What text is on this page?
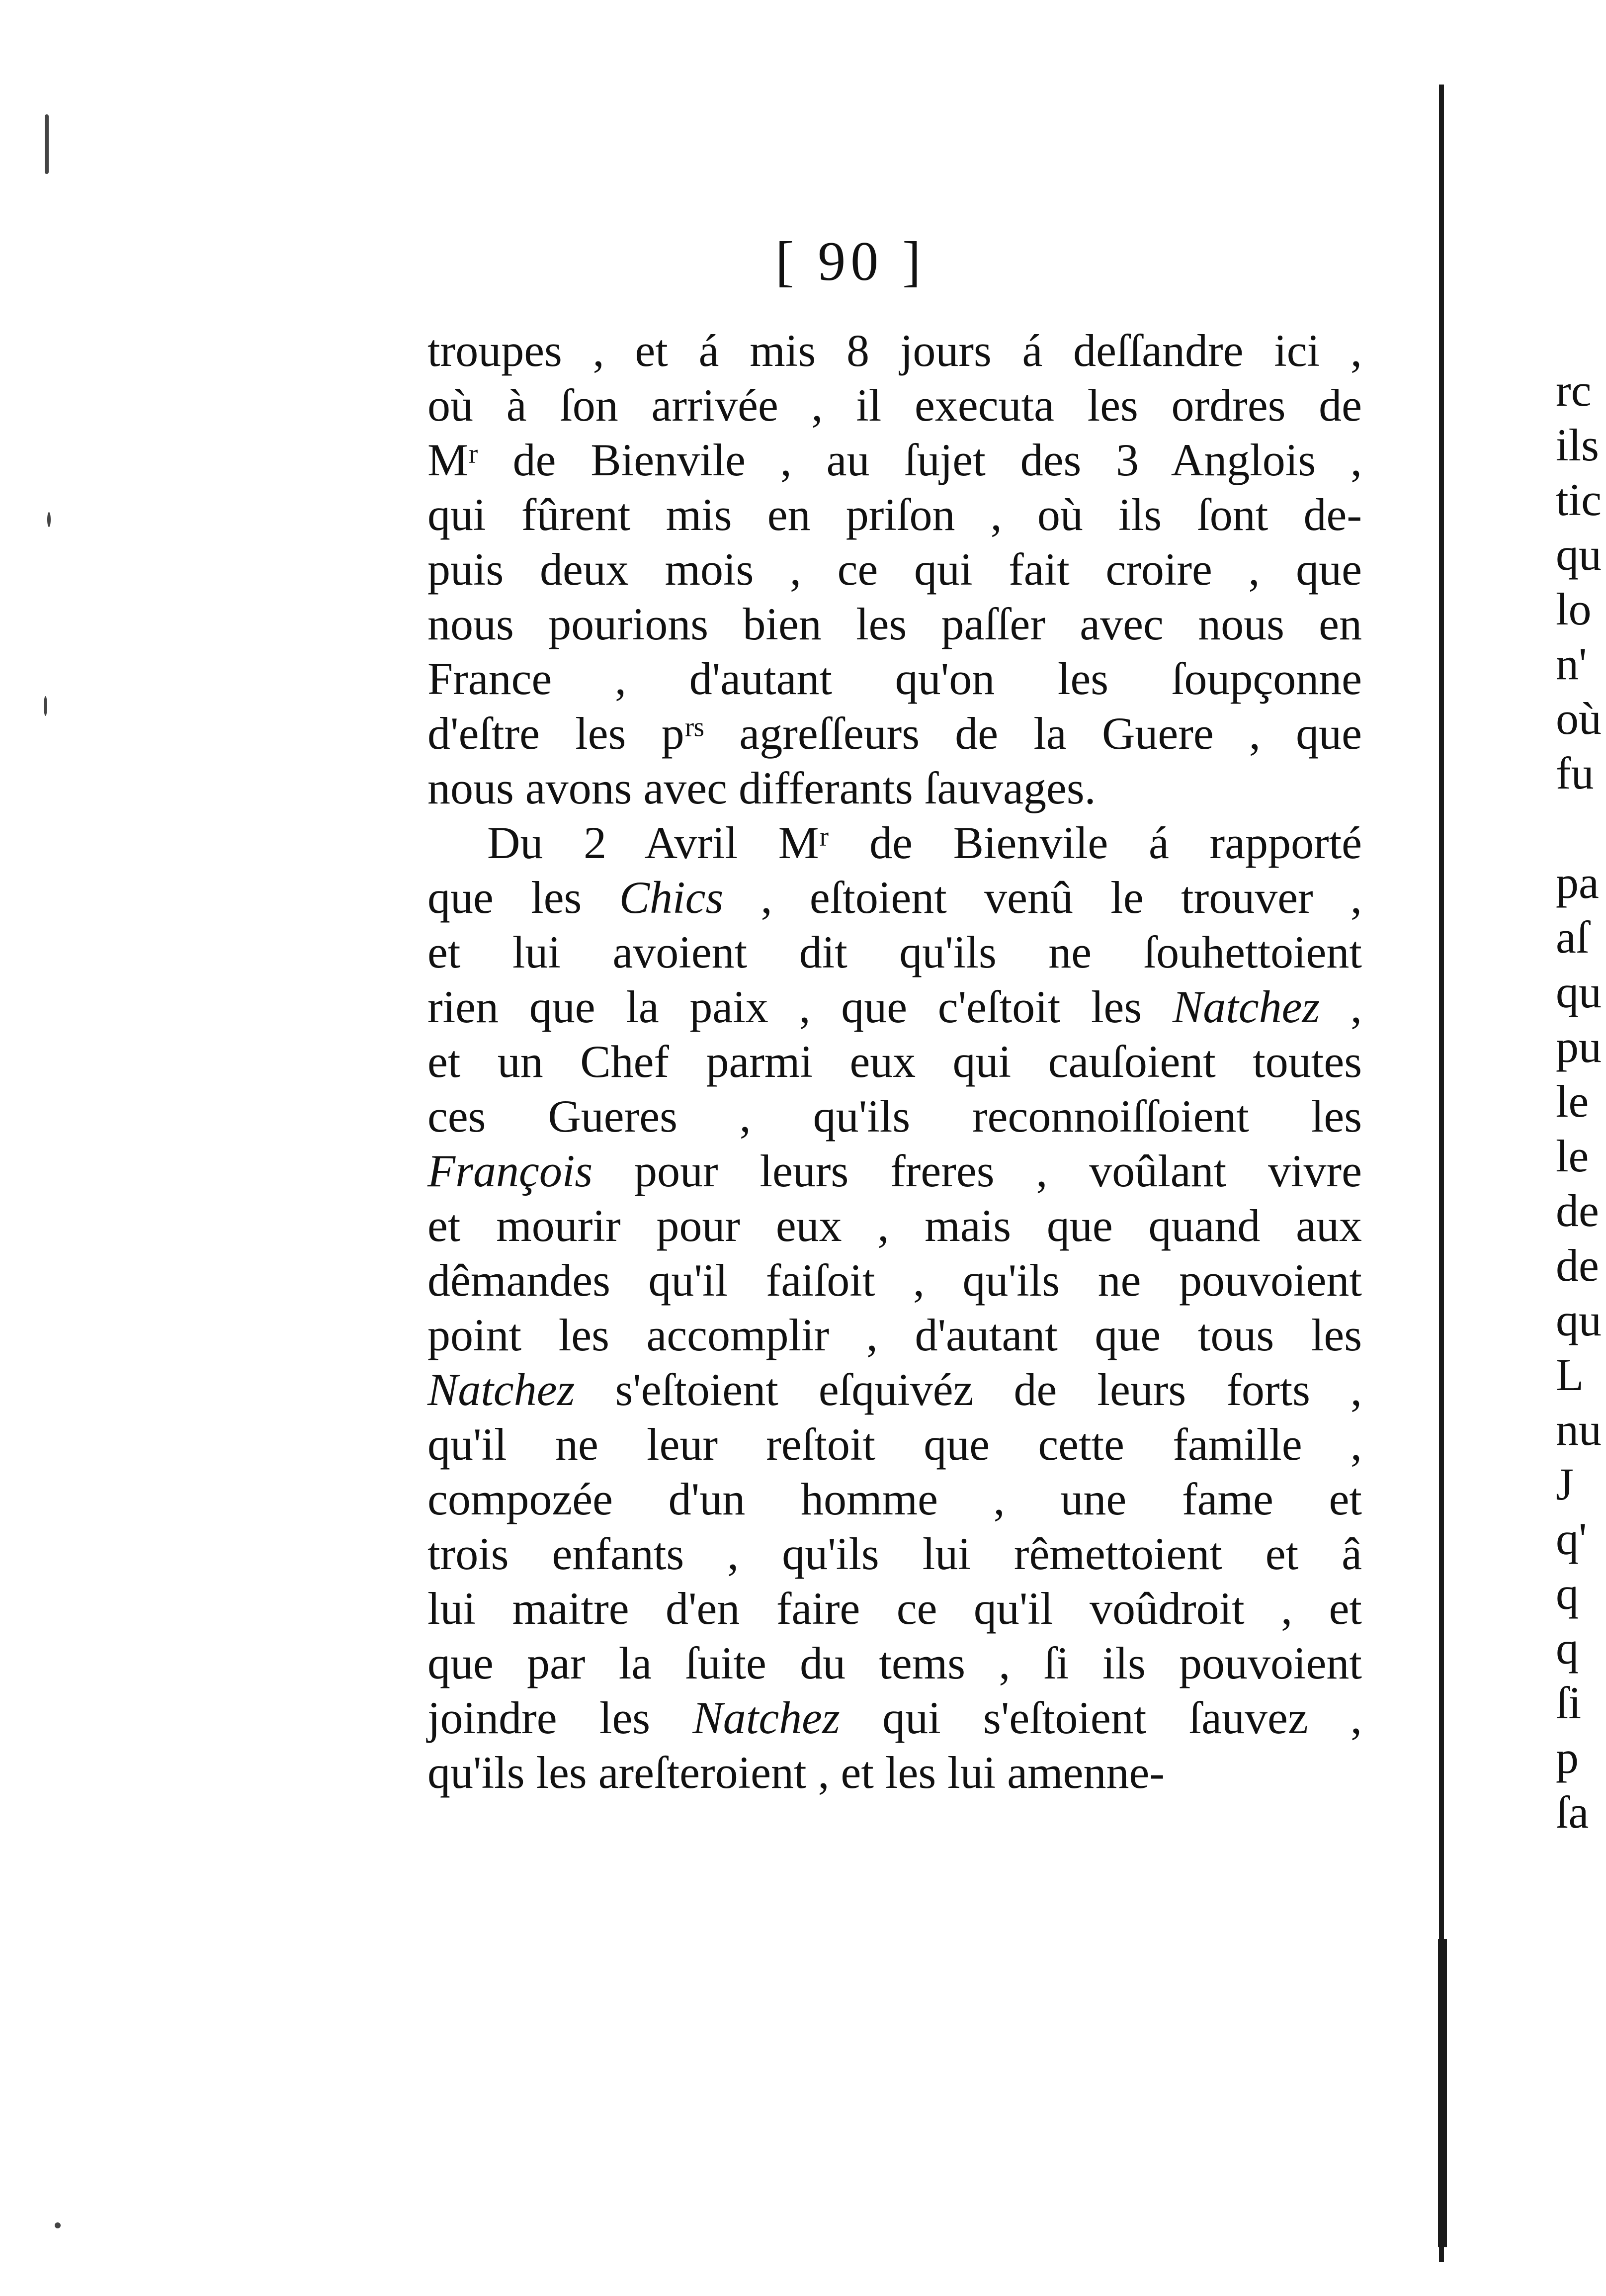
[ 90 ]
troupes , et á mis 8 jours á deſſandre ici ,
où à ſon arrivée , il executa les ordres de
Mʳ de Bienvile , au ſujet des 3 Anglois ,
qui fûrent mis en priſon , où ils ſont de-
puis deux mois , ce qui fait croire , que
nous pourions bien les paſſer avec nous en
France , d'autant qu'on les ſoupçonne
d'eſtre les pʳˢ agreſſeurs de la Guere , que
nous avons avec differants ſauvages.
Du 2 Avril Mʳ de Bienvile á rapporté
que les Chics , eſtoient venû le trouver ,
et lui avoient dit qu'ils ne ſouhettoient
rien que la paix , que c'eſtoit les Natchez ,
et un Chef parmi eux qui cauſoient toutes
ces Gueres , qu'ils reconnoiſſoient les
François pour leurs freres , voûlant vivre
et mourir pour eux , mais que quand aux
dêmandes qu'il faiſoit , qu'ils ne pouvoient
point les accomplir , d'autant que tous les
Natchez s'eſtoient eſquivéz de leurs forts ,
qu'il ne leur reſtoit que cette famille ,
compozée d'un homme , une fame et
trois enfants , qu'ils lui rêmettoient et â
lui maitre d'en faire ce qu'il voûdroit , et
que par la ſuite du tems , ſi ils pouvoient
joindre les Natchez qui s'eſtoient ſauvez ,
qu'ils les areſteroient , et les lui amenne-
rc
ils
tic
qu
lo
n'
où
fu
pa
aſ
qu
pu
le
le
de
de
qu
L
nu
J
q'
q
q
ſi
p
ſa
